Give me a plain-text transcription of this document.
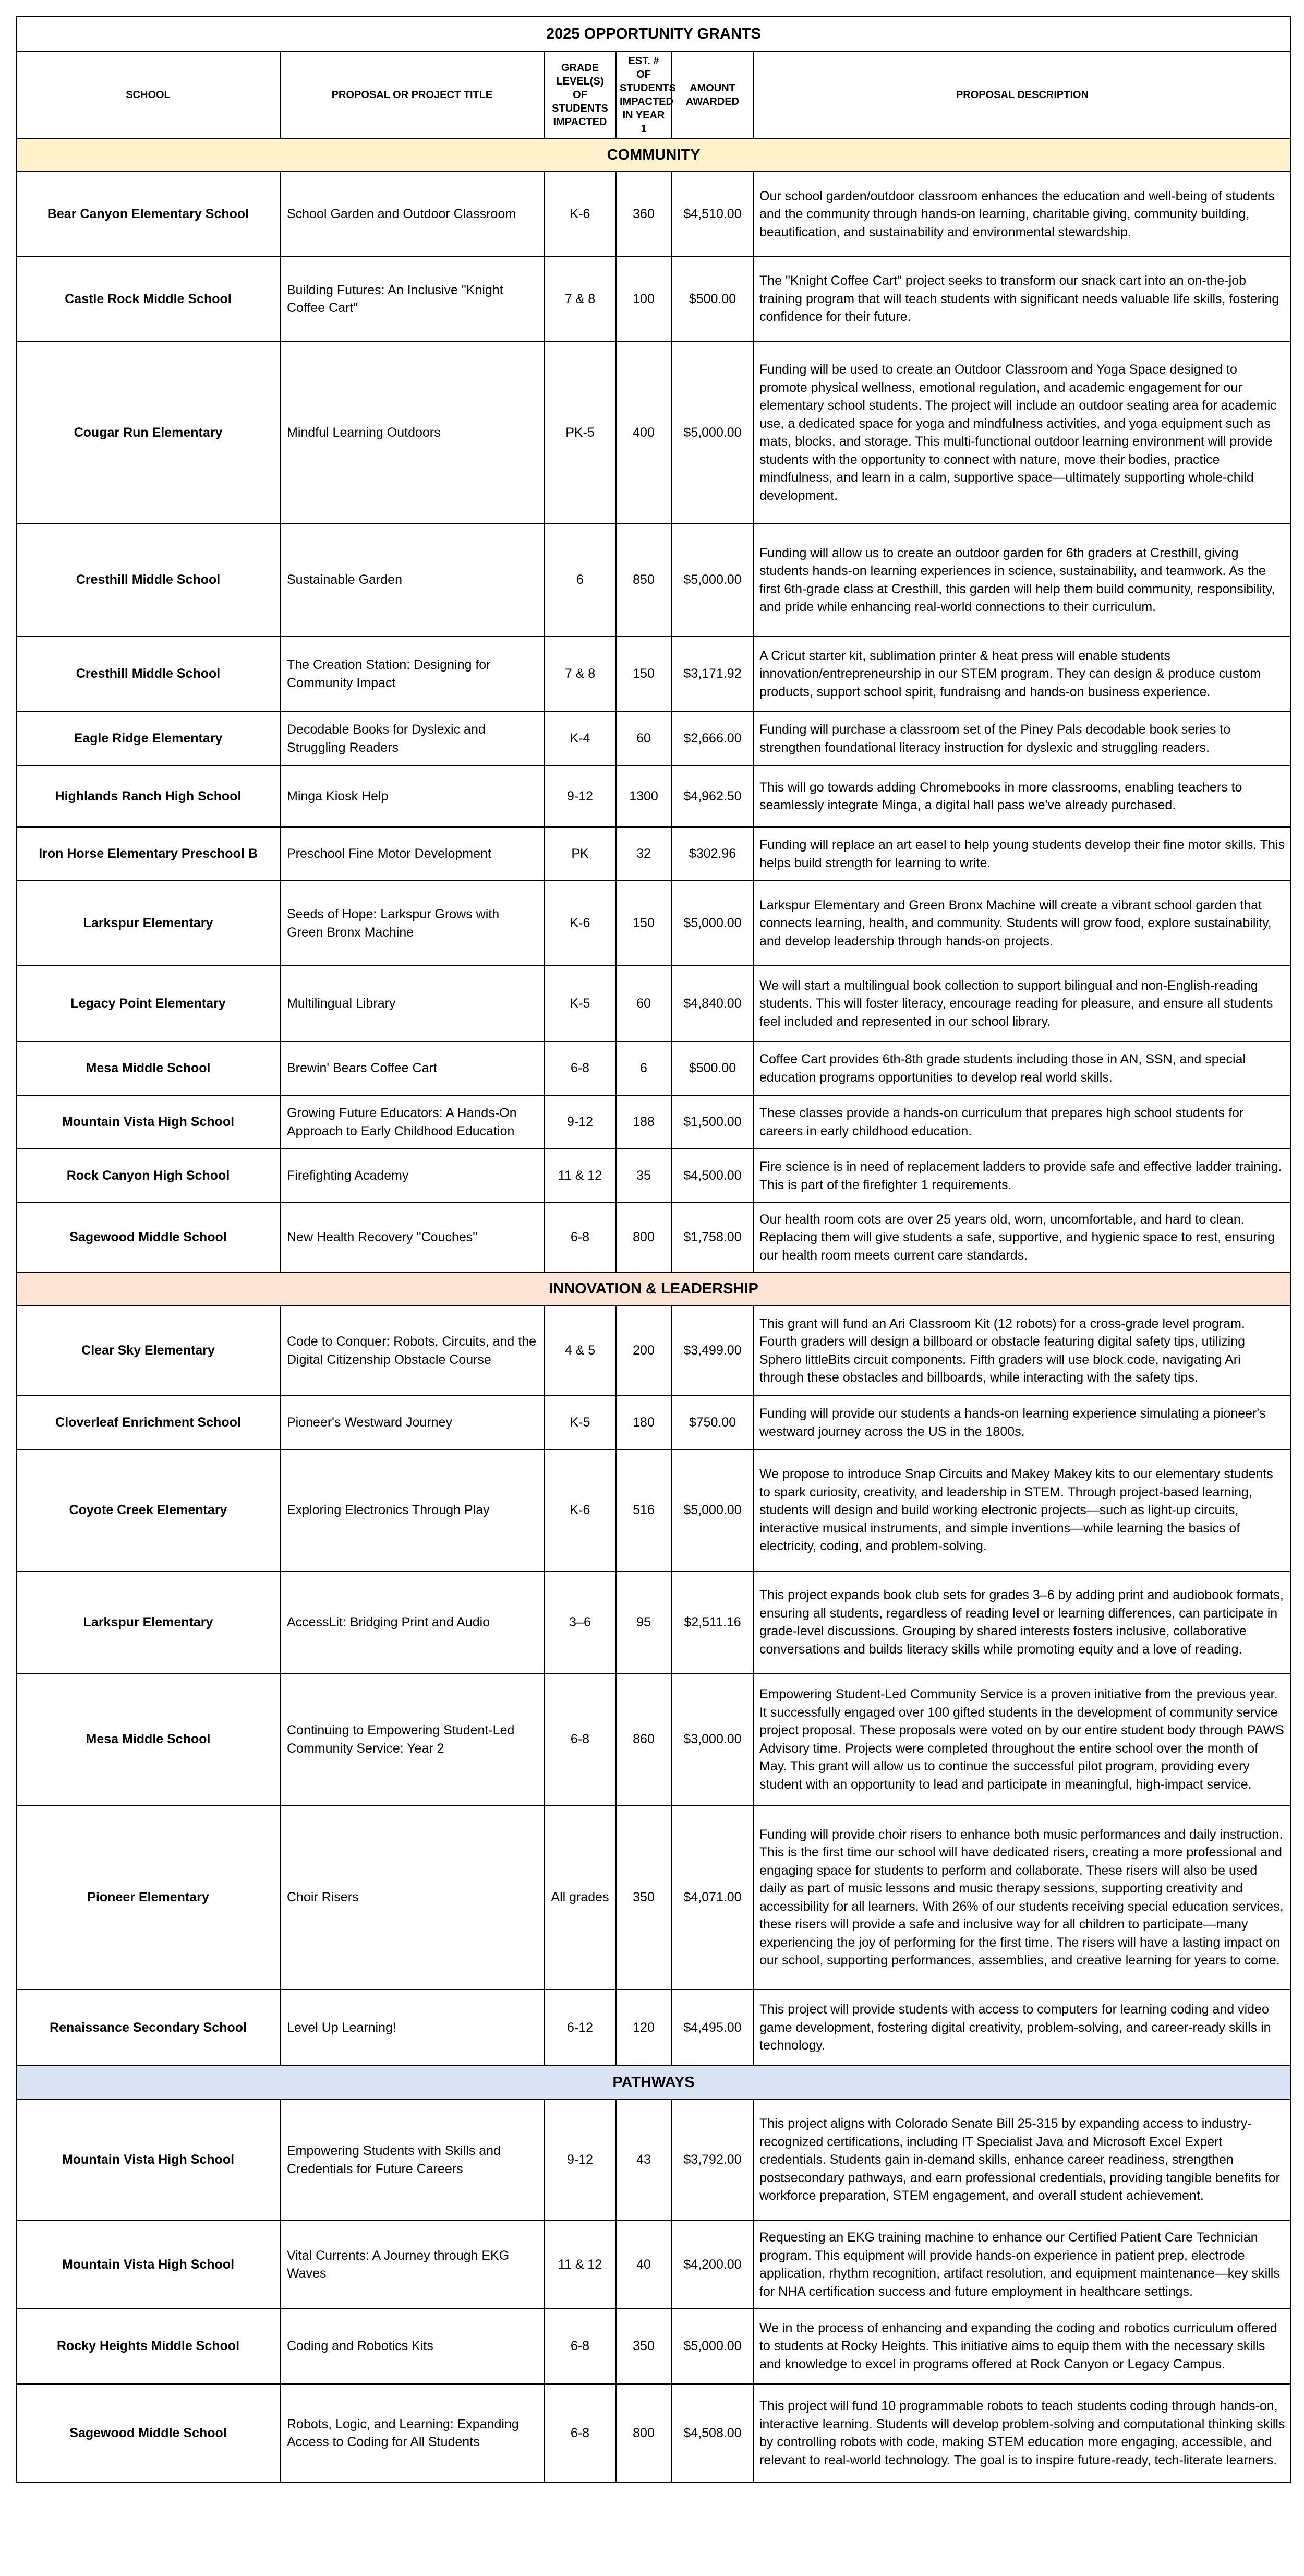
2025 OPPORTUNITY GRANTS					
SCHOOL	PROPOSAL OR PROJECT TITLE	GRADE LEVEL(S) OF STUDENTS IMPACTED	EST. # OF STUDENTS IMPACTED IN YEAR 1	AMOUNT AWARDED	PROPOSAL DESCRIPTION
COMMUNITY					
Bear Canyon Elementary School	School Garden and Outdoor Classroom	K-6	360	$4,510.00	Our school garden/outdoor classroom enhances the education and well-being of students and the community through hands-on learning, charitable giving, community building, beautification, and sustainability and environmental stewardship.
Castle Rock Middle School	Building Futures: An Inclusive "Knight Coffee Cart"	7 & 8	100	$500.00	The "Knight Coffee Cart" project seeks to transform our snack cart into an on-the-job training program that will teach students with significant needs valuable life skills, fostering confidence for their future.
Cougar Run Elementary	Mindful Learning Outdoors	PK-5	400	$5,000.00	Funding will be used to create an Outdoor Classroom and Yoga Space designed to promote physical wellness, emotional regulation, and academic engagement for our elementary school students. The project will include an outdoor seating area for academic use, a dedicated space for yoga and mindfulness activities, and yoga equipment such as mats, blocks, and storage. This multi-functional outdoor learning environment will provide students with the opportunity to connect with nature, move their bodies, practice mindfulness, and learn in a calm, supportive space—ultimately supporting whole-child development.
Cresthill Middle School	Sustainable Garden	6	850	$5,000.00	Funding will allow us to create an outdoor garden for 6th graders at Cresthill, giving students hands-on learning experiences in science, sustainability, and teamwork. As the first 6th-grade class at Cresthill, this garden will help them build community, responsibility, and pride while enhancing real-world connections to their curriculum.
Cresthill Middle School	The Creation Station: Designing for Community Impact	7 & 8	150	$3,171.92	A Cricut starter kit, sublimation printer & heat press will enable students innovation/entrepreneurship in our STEM program. They can design & produce custom products, support school spirit, fundraisng and hands-on business experience.
Eagle Ridge Elementary	Decodable Books for Dyslexic and Struggling Readers	K-4	60	$2,666.00	Funding will purchase a classroom set of the Piney Pals decodable book series to strengthen foundational literacy instruction for dyslexic and struggling readers.
Highlands Ranch High School	Minga Kiosk Help	9-12	1300	$4,962.50	This will go towards adding Chromebooks in more classrooms, enabling teachers to seamlessly integrate Minga, a digital hall pass we've already purchased.
Iron Horse Elementary Preschool B	Preschool Fine Motor Development	PK	32	$302.96	Funding will replace an art easel to help young students develop their fine motor skills. This helps build strength for learning to write.
Larkspur Elementary	Seeds of Hope: Larkspur Grows with Green Bronx Machine	K-6	150	$5,000.00	Larkspur Elementary and Green Bronx Machine will create a vibrant school garden that connects learning, health, and community. Students will grow food, explore sustainability, and develop leadership through hands-on projects.
Legacy Point Elementary	Multilingual Library	K-5	60	$4,840.00	We will start a multilingual book collection to support bilingual and non-English-reading students. This will foster literacy, encourage reading for pleasure, and ensure all students feel included and represented in our school library.
Mesa Middle School	Brewin' Bears Coffee Cart	6-8	6	$500.00	Coffee Cart provides 6th-8th grade students including those in AN, SSN, and special education programs opportunities to develop real world skills.
Mountain Vista High School	Growing Future Educators: A Hands-On Approach to Early Childhood Education	9-12	188	$1,500.00	These classes provide a hands-on curriculum that prepares high school students for careers in early childhood education.
Rock Canyon High School	Firefighting Academy	11 & 12	35	$4,500.00	Fire science is in need of replacement ladders to provide safe and effective ladder training. This is part of the firefighter 1 requirements.
Sagewood Middle School	New Health Recovery "Couches"	6-8	800	$1,758.00	Our health room cots are over 25 years old, worn, uncomfortable, and hard to clean. Replacing them will give students a safe, supportive, and hygienic space to rest, ensuring our health room meets current care standards.
INNOVATION & LEADERSHIP					
Clear Sky Elementary	Code to Conquer: Robots, Circuits, and the Digital Citizenship Obstacle Course	4 & 5	200	$3,499.00	This grant will fund an Ari Classroom Kit (12 robots) for a cross-grade level program. Fourth graders will design a billboard or obstacle featuring digital safety tips, utilizing Sphero littleBits circuit components. Fifth graders will use block code, navigating Ari through these obstacles and billboards, while interacting with the safety tips.
Cloverleaf Enrichment School	Pioneer's Westward Journey	K-5	180	$750.00	Funding will provide our students a hands-on learning experience simulating a pioneer's westward journey across the US in the 1800s.
Coyote Creek Elementary	Exploring Electronics Through Play	K-6	516	$5,000.00	We propose to introduce Snap Circuits and Makey Makey kits to our elementary students to spark curiosity, creativity, and leadership in STEM. Through project-based learning, students will design and build working electronic projects—such as light-up circuits, interactive musical instruments, and simple inventions—while learning the basics of electricity, coding, and problem-solving.
Larkspur Elementary	AccessLit: Bridging Print and Audio	3–6	95	$2,511.16	This project expands book club sets for grades 3–6 by adding print and audiobook formats, ensuring all students, regardless of reading level or learning differences, can participate in grade-level discussions. Grouping by shared interests fosters inclusive, collaborative conversations and builds literacy skills while promoting equity and a love of reading.
Mesa Middle School	Continuing to Empowering Student-Led Community Service: Year 2	6-8	860	$3,000.00	Empowering Student-Led Community Service is a proven initiative from the previous year. It successfully engaged over 100 gifted students in the development of community service project proposal. These proposals were voted on by our entire student body through PAWS Advisory time. Projects were completed throughout the entire school over the month of May. This grant will allow us to continue the successful pilot program, providing every student with an opportunity to lead and participate in meaningful, high-impact service.
Pioneer Elementary	Choir Risers	All grades	350	$4,071.00	Funding will provide choir risers to enhance both music performances and daily instruction. This is the first time our school will have dedicated risers, creating a more professional and engaging space for students to perform and collaborate. These risers will also be used daily as part of music lessons and music therapy sessions, supporting creativity and accessibility for all learners. With 26% of our students receiving special education services, these risers will provide a safe and inclusive way for all children to participate—many experiencing the joy of performing for the first time. The risers will have a lasting impact on our school, supporting performances, assemblies, and creative learning for years to come.
Renaissance Secondary School	Level Up Learning!	6-12	120	$4,495.00	This project will provide students with access to computers for learning coding and video game development, fostering digital creativity, problem-solving, and career-ready skills in technology.
PATHWAYS					
Mountain Vista High School	Empowering Students with Skills and Credentials for Future Careers	9-12	43	$3,792.00	This project aligns with Colorado Senate Bill 25-315 by expanding access to industry-recognized certifications, including IT Specialist Java and Microsoft Excel Expert credentials. Students gain in-demand skills, enhance career readiness, strengthen postsecondary pathways, and earn professional credentials, providing tangible benefits for workforce preparation, STEM engagement, and overall student achievement.
Mountain Vista High School	Vital Currents: A Journey through EKG Waves	11 & 12	40	$4,200.00	Requesting an EKG training machine to enhance our Certified Patient Care Technician program. This equipment will provide hands-on experience in patient prep, electrode application, rhythm recognition, artifact resolution, and equipment maintenance—key skills for NHA certification success and future employment in healthcare settings.
Rocky Heights Middle School	Coding and Robotics Kits	6-8	350	$5,000.00	We in the process of enhancing and expanding the coding and robotics curriculum offered to students at Rocky Heights. This initiative aims to equip them with the necessary skills and knowledge to excel in programs offered at Rock Canyon or Legacy Campus.
Sagewood Middle School	Robots, Logic, and Learning: Expanding Access to Coding for All Students	6-8	800	$4,508.00	This project will fund 10 programmable robots to teach students coding through hands-on, interactive learning. Students will develop problem-solving and computational thinking skills by controlling robots with code, making STEM education more engaging, accessible, and relevant to real-world technology. The goal is to inspire future-ready, tech-literate learners.
